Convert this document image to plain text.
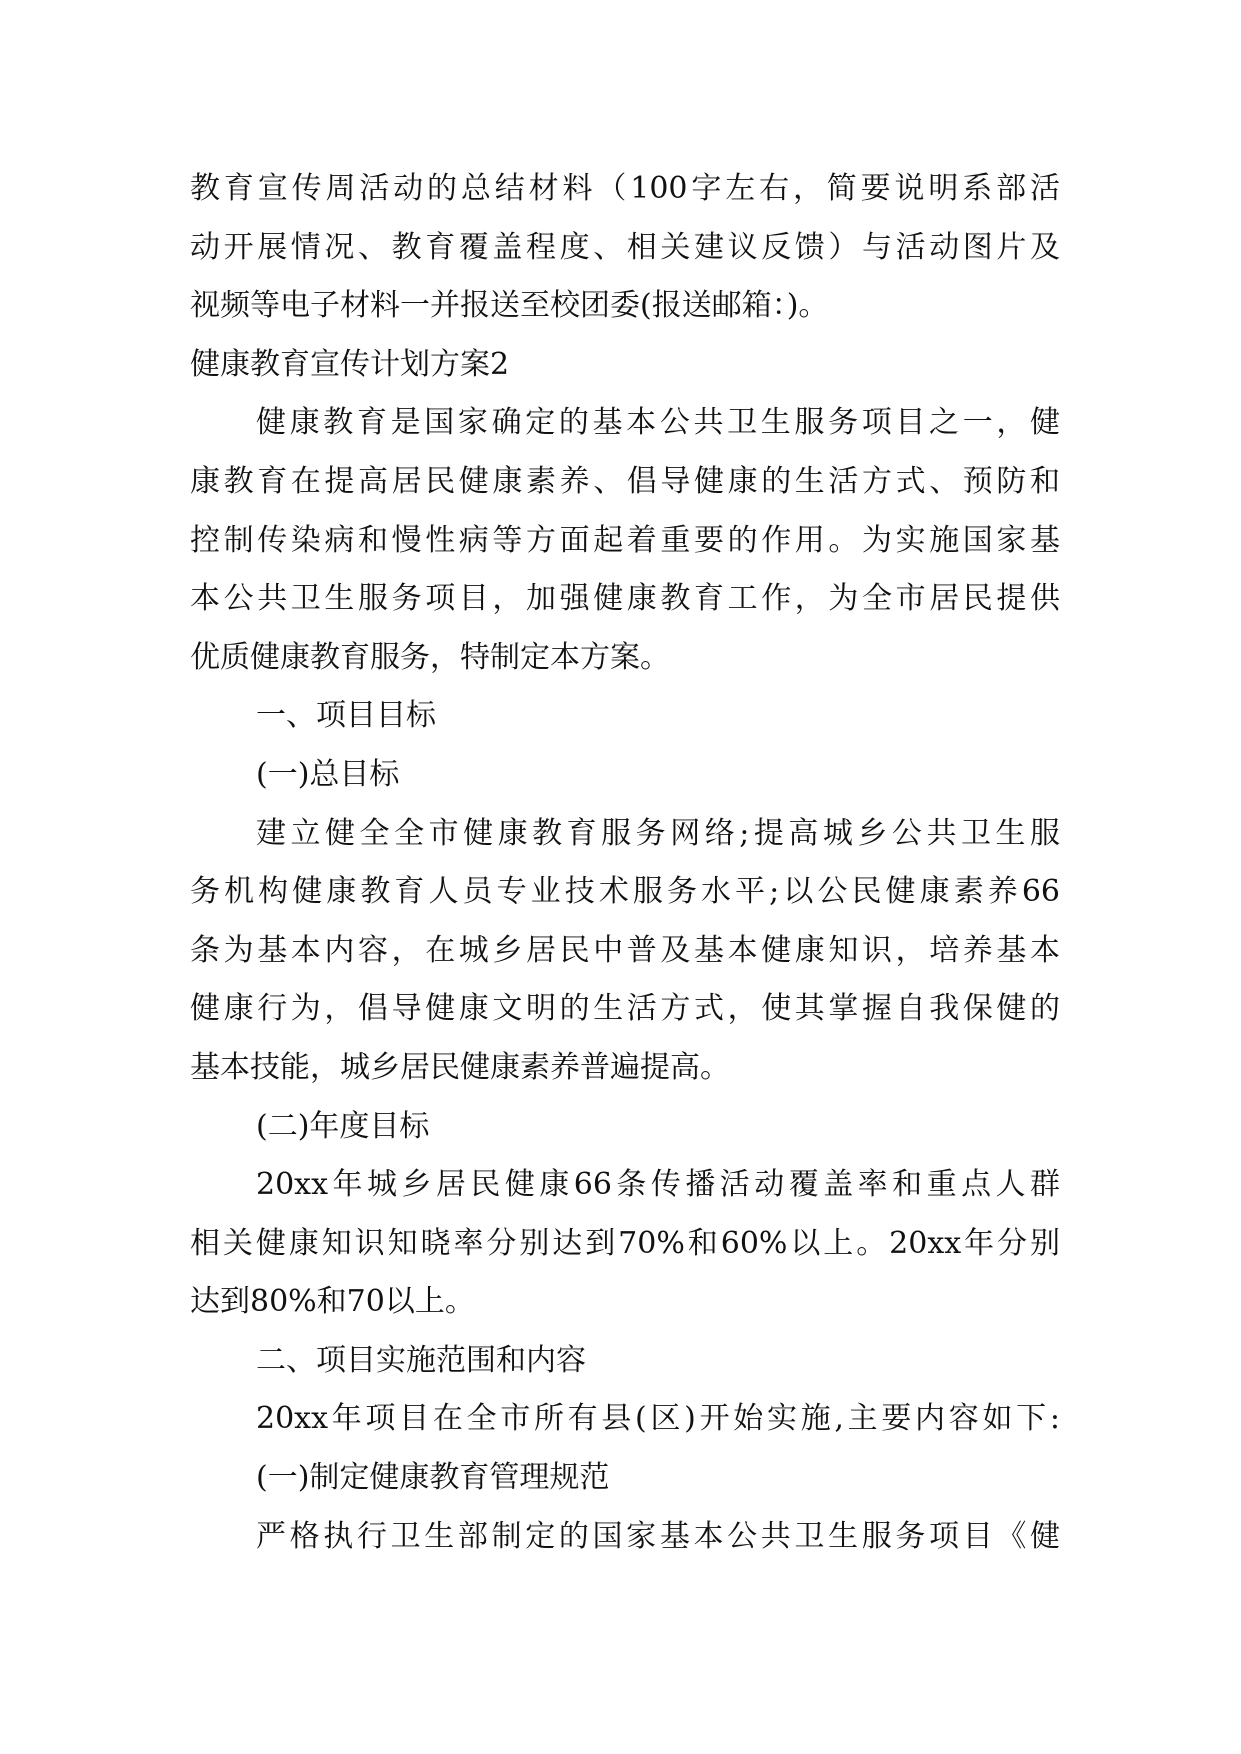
教育宣传周活动的总结材料（100字左右，简要说明系部活
动开展情况、教育覆盖程度、相关建议反馈）与活动图片及
视频等电子材料一并报送至校团委(报送邮箱：)。
健康教育宣传计划方案2
健康教育是国家确定的基本公共卫生服务项目之一，健
康教育在提高居民健康素养、倡导健康的生活方式、预防和
控制传染病和慢性病等方面起着重要的作用。为实施国家基
本公共卫生服务项目，加强健康教育工作，为全市居民提供
优质健康教育服务，特制定本方案。
一、项目目标
(一)总目标
建立健全全市健康教育服务网络;提高城乡公共卫生服
务机构健康教育人员专业技术服务水平;以公民健康素养66
条为基本内容，在城乡居民中普及基本健康知识，培养基本
健康行为，倡导健康文明的生活方式，使其掌握自我保健的
基本技能，城乡居民健康素养普遍提高。
(二)年度目标
20xx年城乡居民健康66条传播活动覆盖率和重点人群
相关健康知识知晓率分别达到70%和60%以上。20xx年分别
达到80%和70以上。
二、项目实施范围和内容
20xx年项目在全市所有县(区)开始实施,主要内容如下:
(一)制定健康教育管理规范
严格执行卫生部制定的国家基本公共卫生服务项目《健
